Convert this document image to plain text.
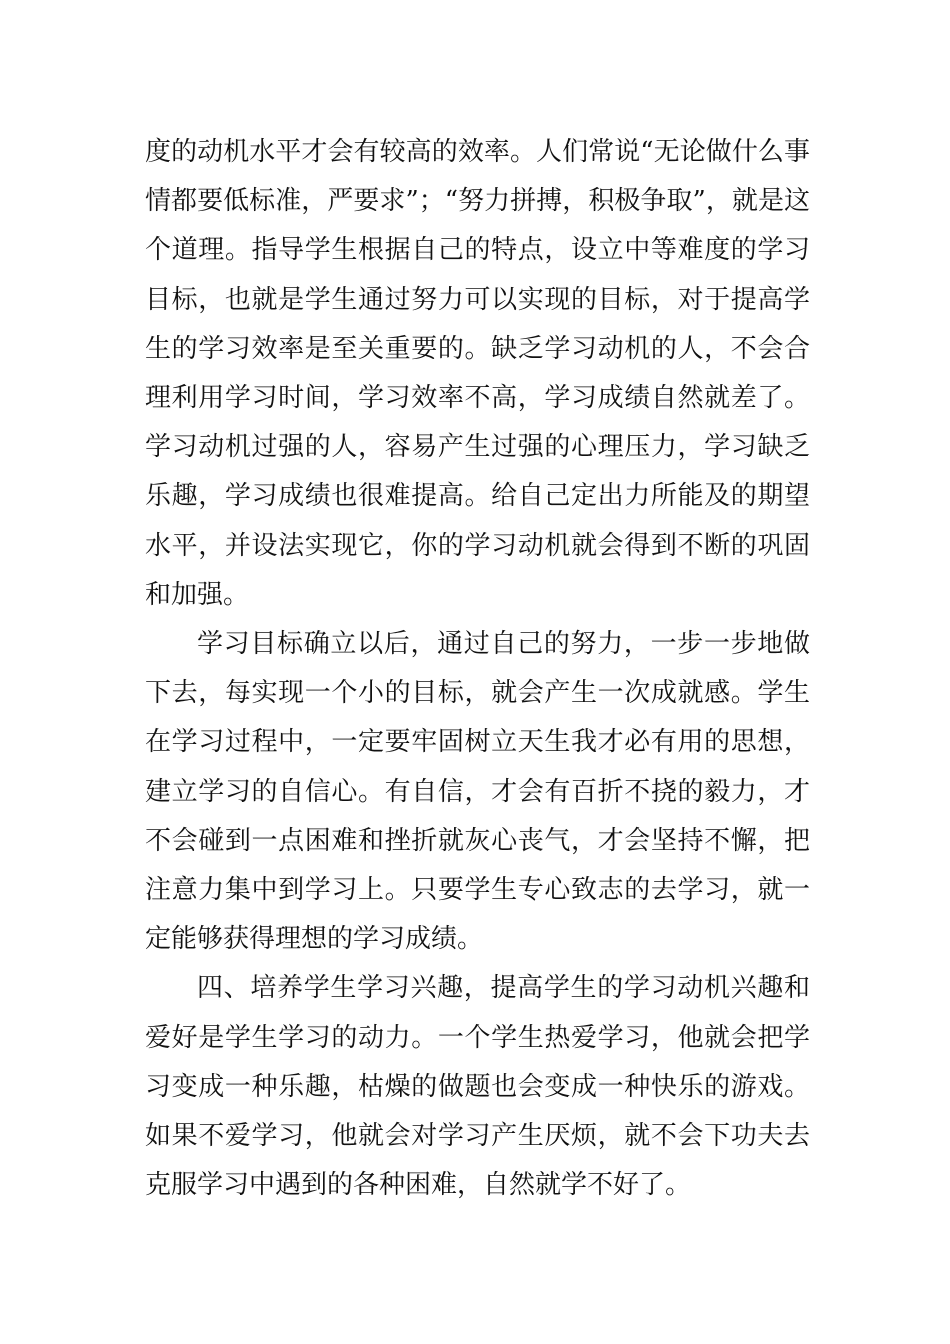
度的动机水平才会有较高的效率。人们常说“无论做什么事情都要低标准，严要求”；“努力拼搏，积极争取”，就是这个道理。指导学生根据自己的特点，设立中等难度的学习目标，也就是学生通过努力可以实现的目标，对于提高学生的学习效率是至关重要的。缺乏学习动机的人，不会合理利用学习时间，学习效率不高，学习成绩自然就差了。学习动机过强的人，容易产生过强的心理压力，学习缺乏乐趣，学习成绩也很难提高。给自己定出力所能及的期望水平，并设法实现它，你的学习动机就会得到不断的巩固和加强。

学习目标确立以后，通过自己的努力，一步一步地做下去，每实现一个小的目标，就会产生一次成就感。学生在学习过程中，一定要牢固树立天生我才必有用的思想，建立学习的自信心。有自信，才会有百折不挠的毅力，才不会碰到一点困难和挫折就灰心丧气，才会坚持不懈，把注意力集中到学习上。只要学生专心致志的去学习，就一定能够获得理想的学习成绩。

四、培养学生学习兴趣，提高学生的学习动机兴趣和爱好是学生学习的动力。一个学生热爱学习，他就会把学习变成一种乐趣，枯燥的做题也会变成一种快乐的游戏。如果不爱学习，他就会对学习产生厌烦，就不会下功夫去克服学习中遇到的各种困难，自然就学不好了。
